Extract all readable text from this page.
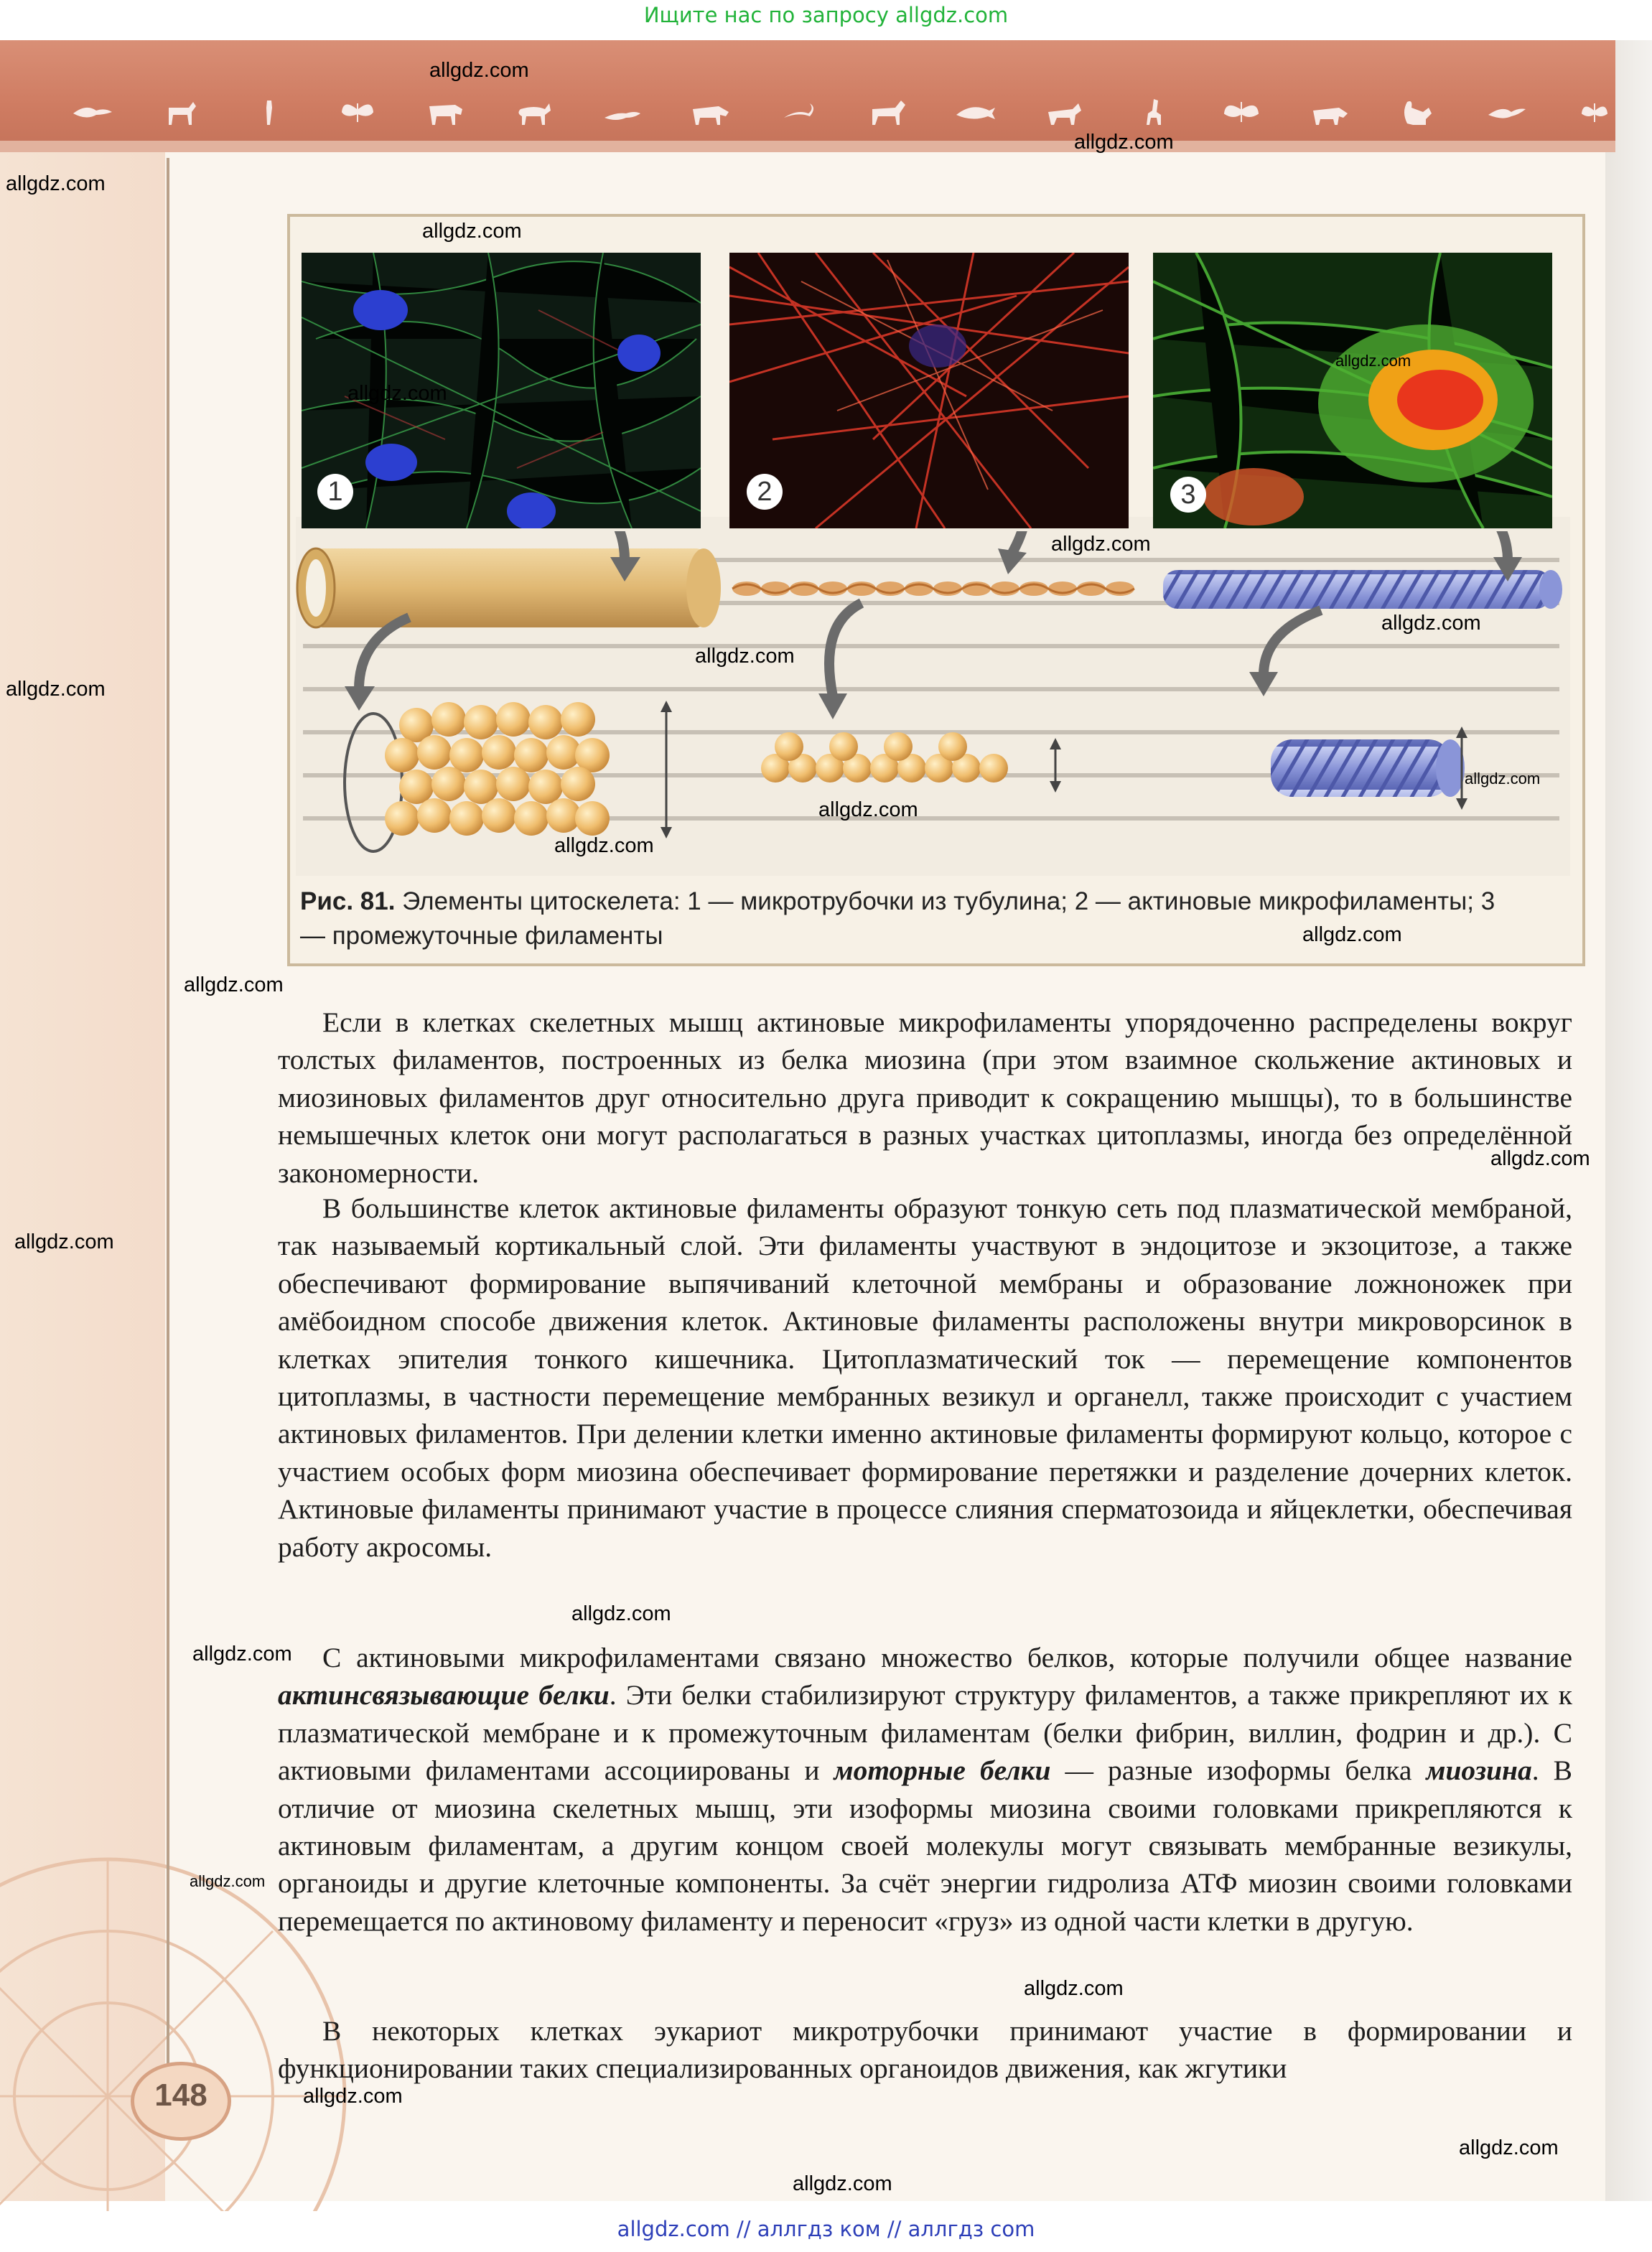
Ищите нас по запросу allgdz.com
1	2	3
Рис. 81. Элементы цитоскелета: 1 — микротрубочки из тубулина; 2 — актиновые микрофиламенты; 3 — промежуточные филаменты
Если в клетках скелетных мышц актиновые микрофиламенты упорядоченно распределены вокруг толстых филаментов, построенных из белка миозина (при этом взаимное скольжение актиновых и миозиновых филаментов друг относительно друга приводит к сокращению мышцы), то в большинстве немышечных клеток они могут располагаться в разных участках цитоплазмы, иногда без определённой закономерности.
В большинстве клеток актиновые филаменты образуют тонкую сеть под плазматической мембраной, так называемый кортикальный слой. Эти филаменты участвуют в эндоцитозе и экзоцитозе, а также обеспечивают формирование выпячиваний клеточной мембраны и образование ложноножек при амёбоидном способе движения клеток. Актиновые филаменты расположены внутри микроворсинок в клетках эпителия тонкого кишечника. Цитоплазматический ток — перемещение компонентов цитоплазмы, в частности перемещение мембранных везикул и органелл, также происходит с участием актиновых филаментов. При делении клетки именно актиновые филаменты формируют кольцо, которое с участием особых форм миозина обеспечивает формирование перетяжки и разделение дочерних клеток. Актиновые филаменты принимают участие в процессе слияния сперматозоида и яйцеклетки, обеспечивая работу акросомы.
С актиновыми микрофиламентами связано множество белков, которые получили общее название актинсвязывающие белки. Эти белки стабилизируют структуру филаментов, а также прикрепляют их к плазматической мембране и к промежуточным филаментам (белки фибрин, виллин, фодрин и др.). С актиовыми филаментами ассоциированы и моторные белки — разные изоформы белка миозина. В отличие от миозина скелетных мышц, эти изоформы миозина своими головками прикрепляются к актиновым филаментам, а другим концом своей молекулы могут связывать мембранные везикулы, органоиды и другие клеточные компоненты. За счёт энергии гидролиза АТФ миозин своими головками перемещается по актиновому филаменту и переносит «груз» из одной части клетки в другую.
В некоторых клетках эукариот микротрубочки принимают участие в формировании и функционировании таких специализированных органоидов движения, как жгутики
148
allgdz.com
allgdz.com
allgdz.com
allgdz.com
allgdz.com
allgdz.com
allgdz.com
allgdz.com
allgdz.com
allgdz.com
allgdz.com
allgdz.com
allgdz.com
allgdz.com
allgdz.com
allgdz.com
allgdz.com
allgdz.com
allgdz.com
allgdz.com
allgdz.com
allgdz.com
allgdz.com
allgdz.com
allgdz.com // аллгдз ком // аллгдз com
